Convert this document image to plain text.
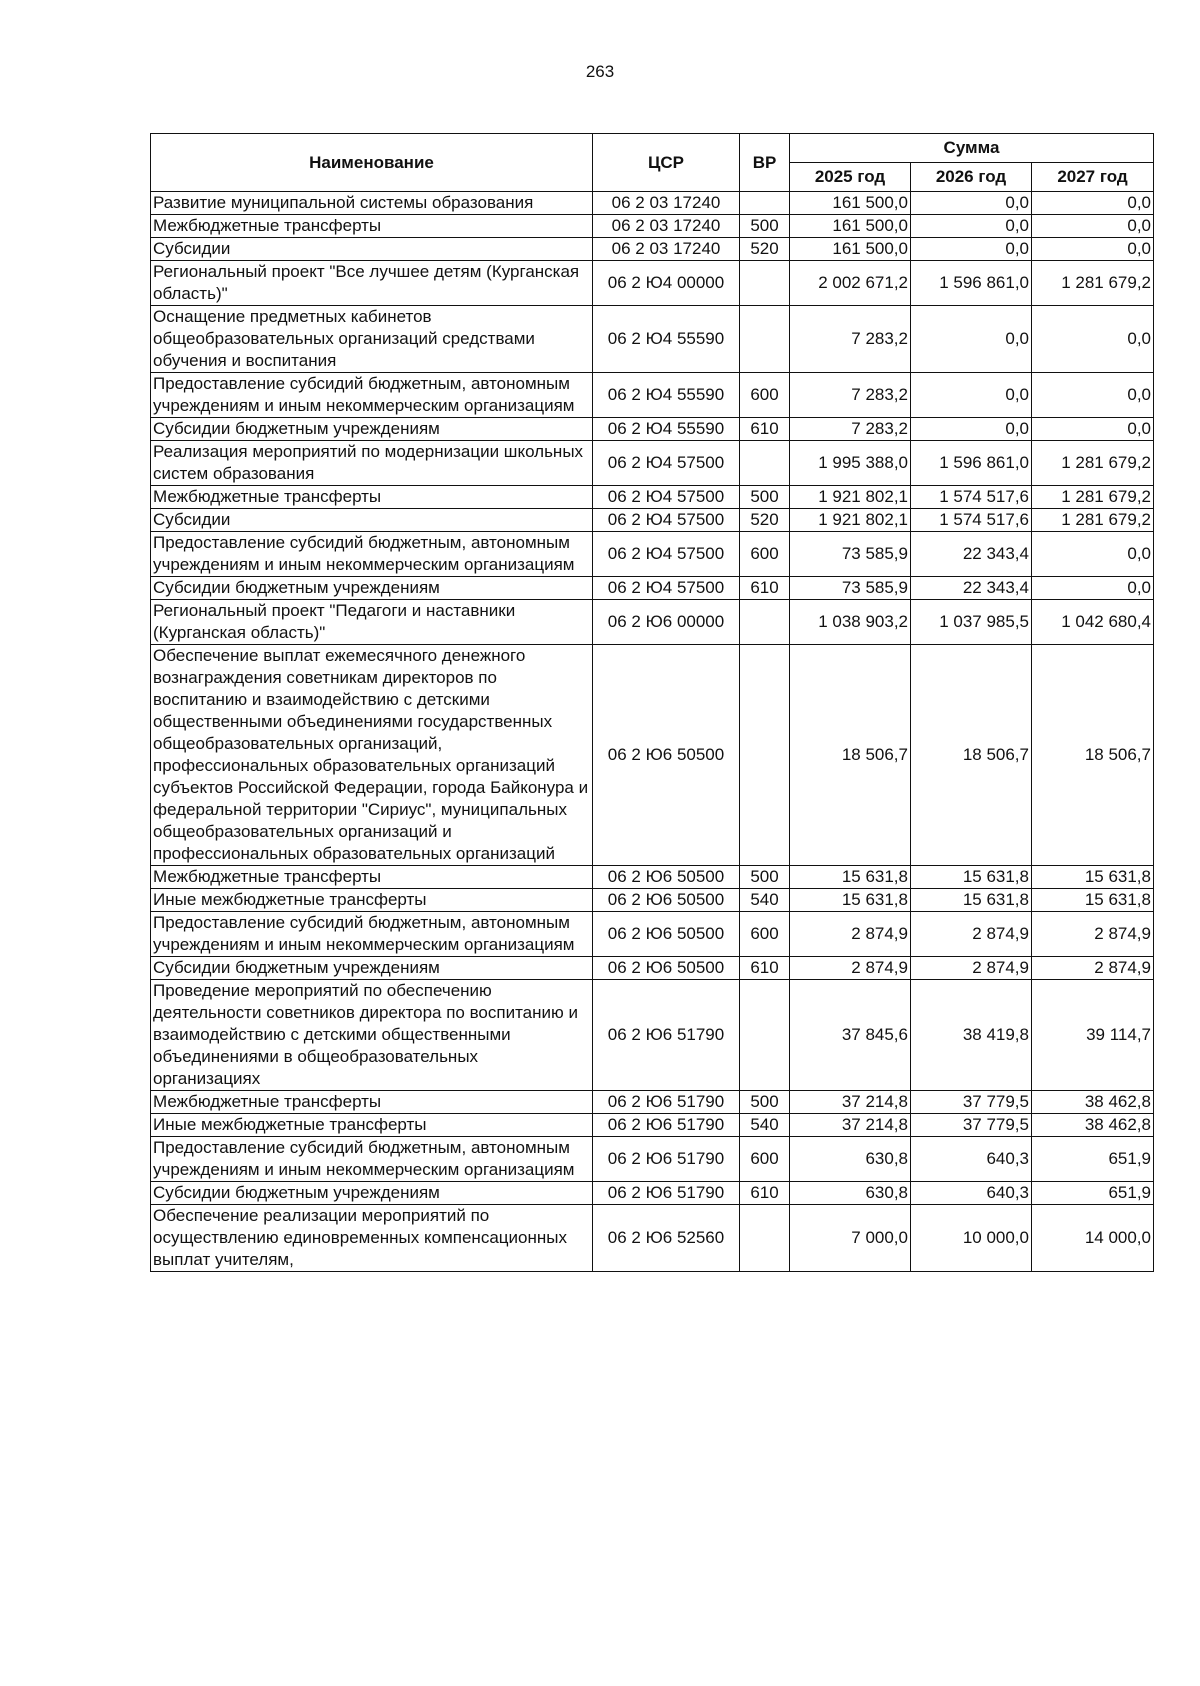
263
Наименование	ЦСР	ВР	Сумма		
			2025 год	2026 год	2027 год
Развитие муниципальной системы образования	06 2 03 17240		161 500,0	0,0	0,0
Межбюджетные трансферты	06 2 03 17240	500	161 500,0	0,0	0,0
Субсидии	06 2 03 17240	520	161 500,0	0,0	0,0
Региональный проект "Все лучшее детям (Курганская область)"	06 2 Ю4 00000		2 002 671,2	1 596 861,0	1 281 679,2
Оснащение предметных кабинетов общеобразовательных организаций средствами обучения и воспитания	06 2 Ю4 55590		7 283,2	0,0	0,0
Предоставление субсидий бюджетным, автономным учреждениям и иным некоммерческим организациям	06 2 Ю4 55590	600	7 283,2	0,0	0,0
Субсидии бюджетным учреждениям	06 2 Ю4 55590	610	7 283,2	0,0	0,0
Реализация мероприятий по модернизации школьных систем образования	06 2 Ю4 57500		1 995 388,0	1 596 861,0	1 281 679,2
Межбюджетные трансферты	06 2 Ю4 57500	500	1 921 802,1	1 574 517,6	1 281 679,2
Субсидии	06 2 Ю4 57500	520	1 921 802,1	1 574 517,6	1 281 679,2
Предоставление субсидий бюджетным, автономным учреждениям и иным некоммерческим организациям	06 2 Ю4 57500	600	73 585,9	22 343,4	0,0
Субсидии бюджетным учреждениям	06 2 Ю4 57500	610	73 585,9	22 343,4	0,0
Региональный проект "Педагоги и наставники (Курганская область)"	06 2 Ю6 00000		1 038 903,2	1 037 985,5	1 042 680,4
Обеспечение выплат ежемесячного денежного вознаграждения советникам директоров по воспитанию и взаимодействию с детскими общественными объединениями государственных общеобразовательных организаций, профессиональных образовательных организаций субъектов Российской Федерации, города Байконура и федеральной территории "Сириус", муниципальных общеобразовательных организаций и профессиональных образовательных организаций	06 2 Ю6 50500		18 506,7	18 506,7	18 506,7
Межбюджетные трансферты	06 2 Ю6 50500	500	15 631,8	15 631,8	15 631,8
Иные межбюджетные трансферты	06 2 Ю6 50500	540	15 631,8	15 631,8	15 631,8
Предоставление субсидий бюджетным, автономным учреждениям и иным некоммерческим организациям	06 2 Ю6 50500	600	2 874,9	2 874,9	2 874,9
Субсидии бюджетным учреждениям	06 2 Ю6 50500	610	2 874,9	2 874,9	2 874,9
Проведение мероприятий по обеспечению деятельности советников директора по воспитанию и взаимодействию с детскими общественными объединениями в общеобразовательных организациях	06 2 Ю6 51790		37 845,6	38 419,8	39 114,7
Межбюджетные трансферты	06 2 Ю6 51790	500	37 214,8	37 779,5	38 462,8
Иные межбюджетные трансферты	06 2 Ю6 51790	540	37 214,8	37 779,5	38 462,8
Предоставление субсидий бюджетным, автономным учреждениям и иным некоммерческим организациям	06 2 Ю6 51790	600	630,8	640,3	651,9
Субсидии бюджетным учреждениям	06 2 Ю6 51790	610	630,8	640,3	651,9
Обеспечение реализации мероприятий по осуществлению единовременных компенсационных выплат учителям,	06 2 Ю6 52560		7 000,0	10 000,0	14 000,0
